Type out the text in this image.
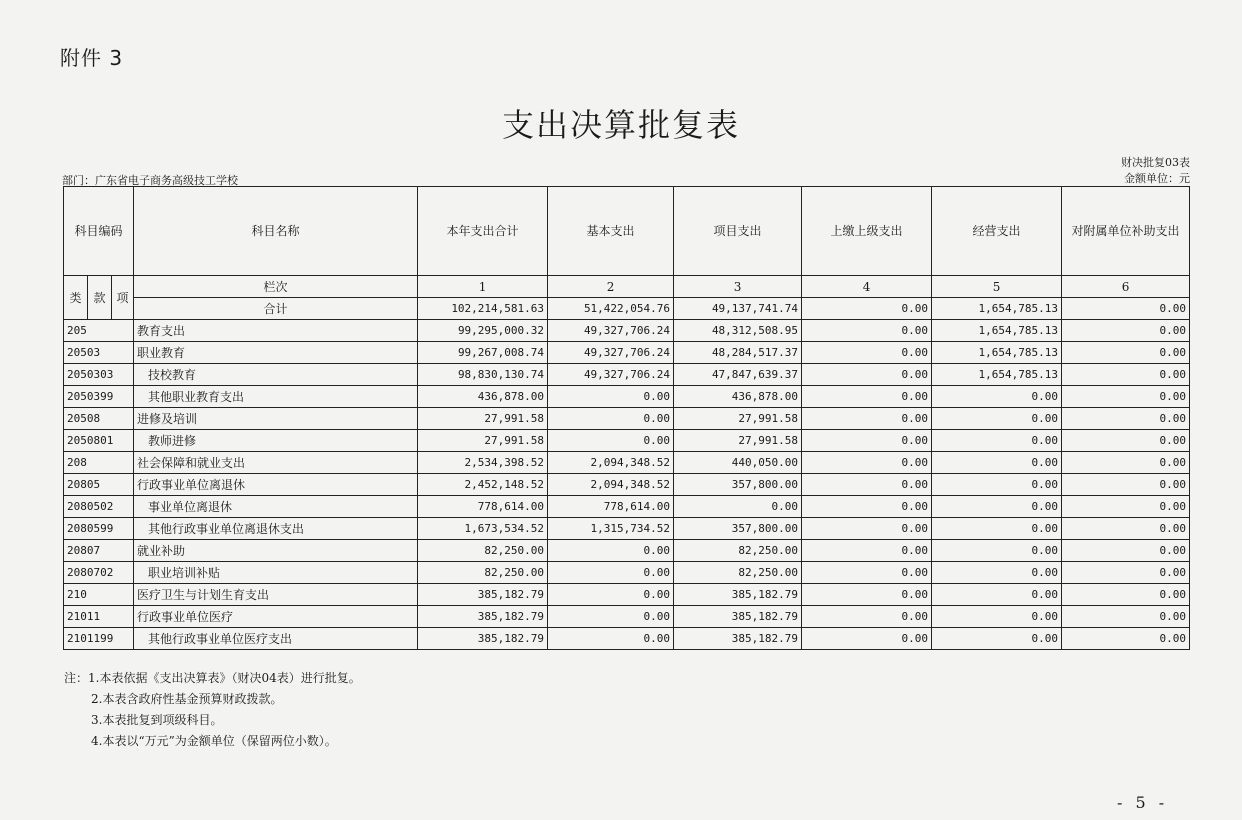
附件 3
支出决算批复表
财决批复03表
金额单位：元
部门：广东省电子商务高级技工学校
科目编码			科目名称	本年支出合计	基本支出	项目支出	上缴上级支出	经营支出	对附属单位补助支出
类	款	项	栏次	1	2	3	4	5	6
			合计	102,214,581.63	51,422,054.76	49,137,741.74	0.00	1,654,785.13	0.00
205			教育支出	99,295,000.32	49,327,706.24	48,312,508.95	0.00	1,654,785.13	0.00
20503			职业教育	99,267,008.74	49,327,706.24	48,284,517.37	0.00	1,654,785.13	0.00
2050303			技校教育	98,830,130.74	49,327,706.24	47,847,639.37	0.00	1,654,785.13	0.00
2050399			其他职业教育支出	436,878.00	0.00	436,878.00	0.00	0.00	0.00
20508			进修及培训	27,991.58	0.00	27,991.58	0.00	0.00	0.00
2050801			教师进修	27,991.58	0.00	27,991.58	0.00	0.00	0.00
208			社会保障和就业支出	2,534,398.52	2,094,348.52	440,050.00	0.00	0.00	0.00
20805			行政事业单位离退休	2,452,148.52	2,094,348.52	357,800.00	0.00	0.00	0.00
2080502			事业单位离退休	778,614.00	778,614.00	0.00	0.00	0.00	0.00
2080599			其他行政事业单位离退休支出	1,673,534.52	1,315,734.52	357,800.00	0.00	0.00	0.00
20807			就业补助	82,250.00	0.00	82,250.00	0.00	0.00	0.00
2080702			职业培训补贴	82,250.00	0.00	82,250.00	0.00	0.00	0.00
210			医疗卫生与计划生育支出	385,182.79	0.00	385,182.79	0.00	0.00	0.00
21011			行政事业单位医疗	385,182.79	0.00	385,182.79	0.00	0.00	0.00
2101199			其他行政事业单位医疗支出	385,182.79	0.00	385,182.79	0.00	0.00	0.00
注：1.本表依据《支出决算表》（财决04表）进行批复。
2.本表含政府性基金预算财政拨款。
3.本表批复到项级科目。
4.本表以“万元”为金额单位（保留两位小数）。
- 5 -
